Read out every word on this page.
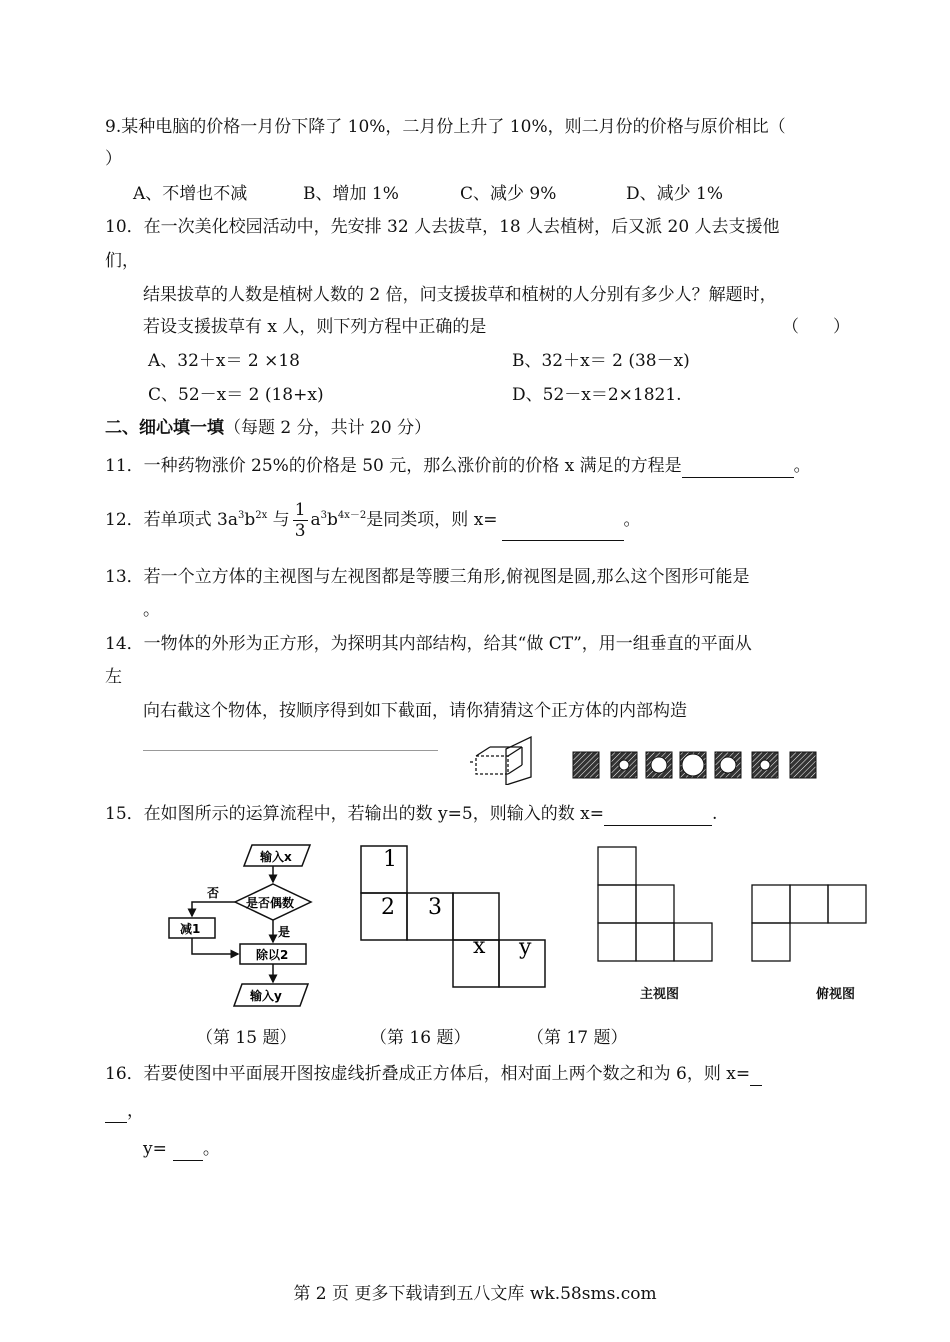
9.某种电脑的价格一月份下降了 10%，二月份上升了 10%，则二月份的价格与原价相比（
）
A、不增也不减	B、增加 1%	C、减少 9%	D、减少 1%
10．在一次美化校园活动中，先安排 32 人去拔草，18 人去植树，后又派 20 人去支援他
们，
结果拔草的人数是植树人数的 2 倍，问支援拔草和植树的人分别有多少人？解题时，
若设支援拔草有 x 人，则下列方程中正确的是	（　　）
A、32＋x＝ 2 ×18	B、32＋x＝ 2 (38－x)
C、52－x＝ 2 (18+x)	D、52－x＝2×1821.
二、细心填一填（每题 2 分，共计 20 分）
11．一种药物涨价 25%的价格是 50 元，那么涨价前的价格 x 满足的方程是	。
12．若单项式 $3a^3b^{2x}$ 与 $\frac{1}{3} a^3b^{4x-2}$是同类项，则 x=	。
13．若一个立方体的主视图与左视图都是等腰三角形,俯视图是圆,那么这个图形可能是
。
14．一物体的外形为正方形，为探明其内部结构，给其“做 CT”，用一组垂直的平面从
左
向右截这个物体，按顺序得到如下截面，请你猜猜这个正方体的内部构造
15．在如图所示的运算流程中，若输出的数 y=5，则输入的数 x=	.
输入x
是否偶数
否
是
减1
除以2
输入y
1
2 3
x y
主视图	俯视图
（第 15 题）	（第 16 题）	（第 17 题）
16．若要使图中平面展开图按虚线折叠成正方体后，相对面上两个数之和为 6，则 x=
，
y= 。
第 2 页 更多下载请到五八文库 wk.58sms.com
